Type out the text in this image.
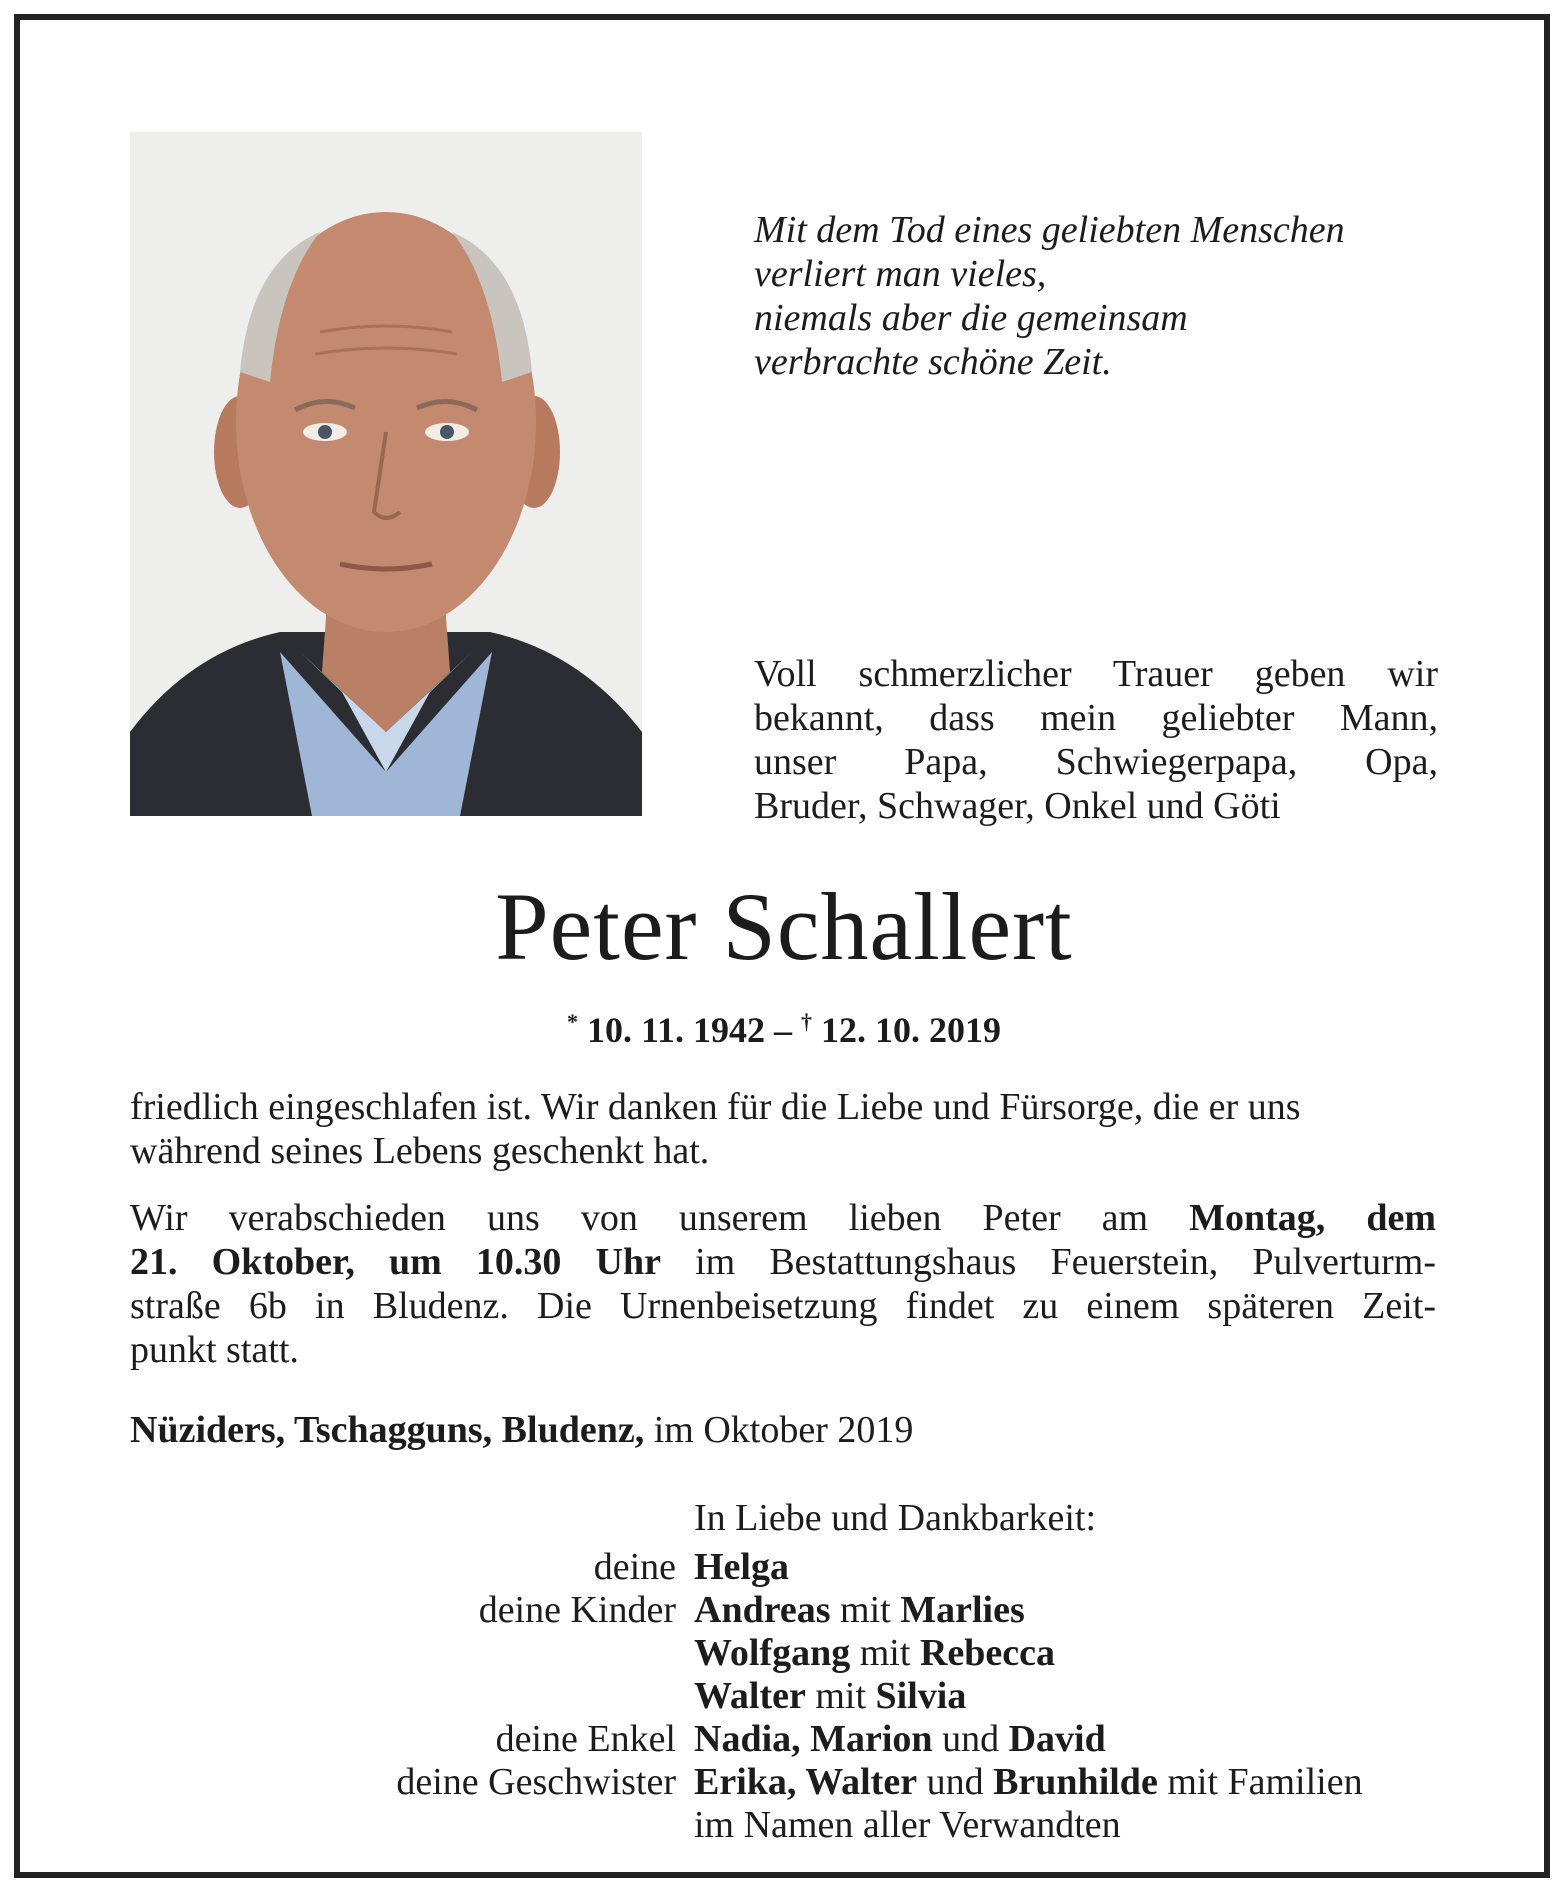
Mit dem Tod eines geliebten Menschen
verliert man vieles,
niemals aber die gemeinsam
verbrachte schöne Zeit.
Voll schmerzlicher Trauer geben wir
bekannt, dass mein geliebter Mann,
unser Papa, Schwiegerpapa, Opa,
Bruder, Schwager, Onkel und Göti
Peter Schallert
* 10. 11. 1942 – † 12. 10. 2019
friedlich eingeschlafen ist. Wir danken für die Liebe und Fürsorge, die er uns während seines Lebens geschenkt hat.
Wir verabschieden uns von unserem lieben Peter am Montag, dem
21. Oktober, um 10.30 Uhr im Bestattungshaus Feuerstein, Pulverturm-
straße 6b in Bludenz. Die Urnenbeisetzung findet zu einem späteren Zeit-
punkt statt.
Nüziders, Tschagguns, Bludenz, im Oktober 2019
In Liebe und Dankbarkeit:
deine Helga
deine Kinder Andreas mit Marlies
Wolfgang mit Rebecca
Walter mit Silvia
deine Enkel Nadia, Marion und David
deine Geschwister Erika, Walter und Brunhilde mit Familien
im Namen aller Verwandten
